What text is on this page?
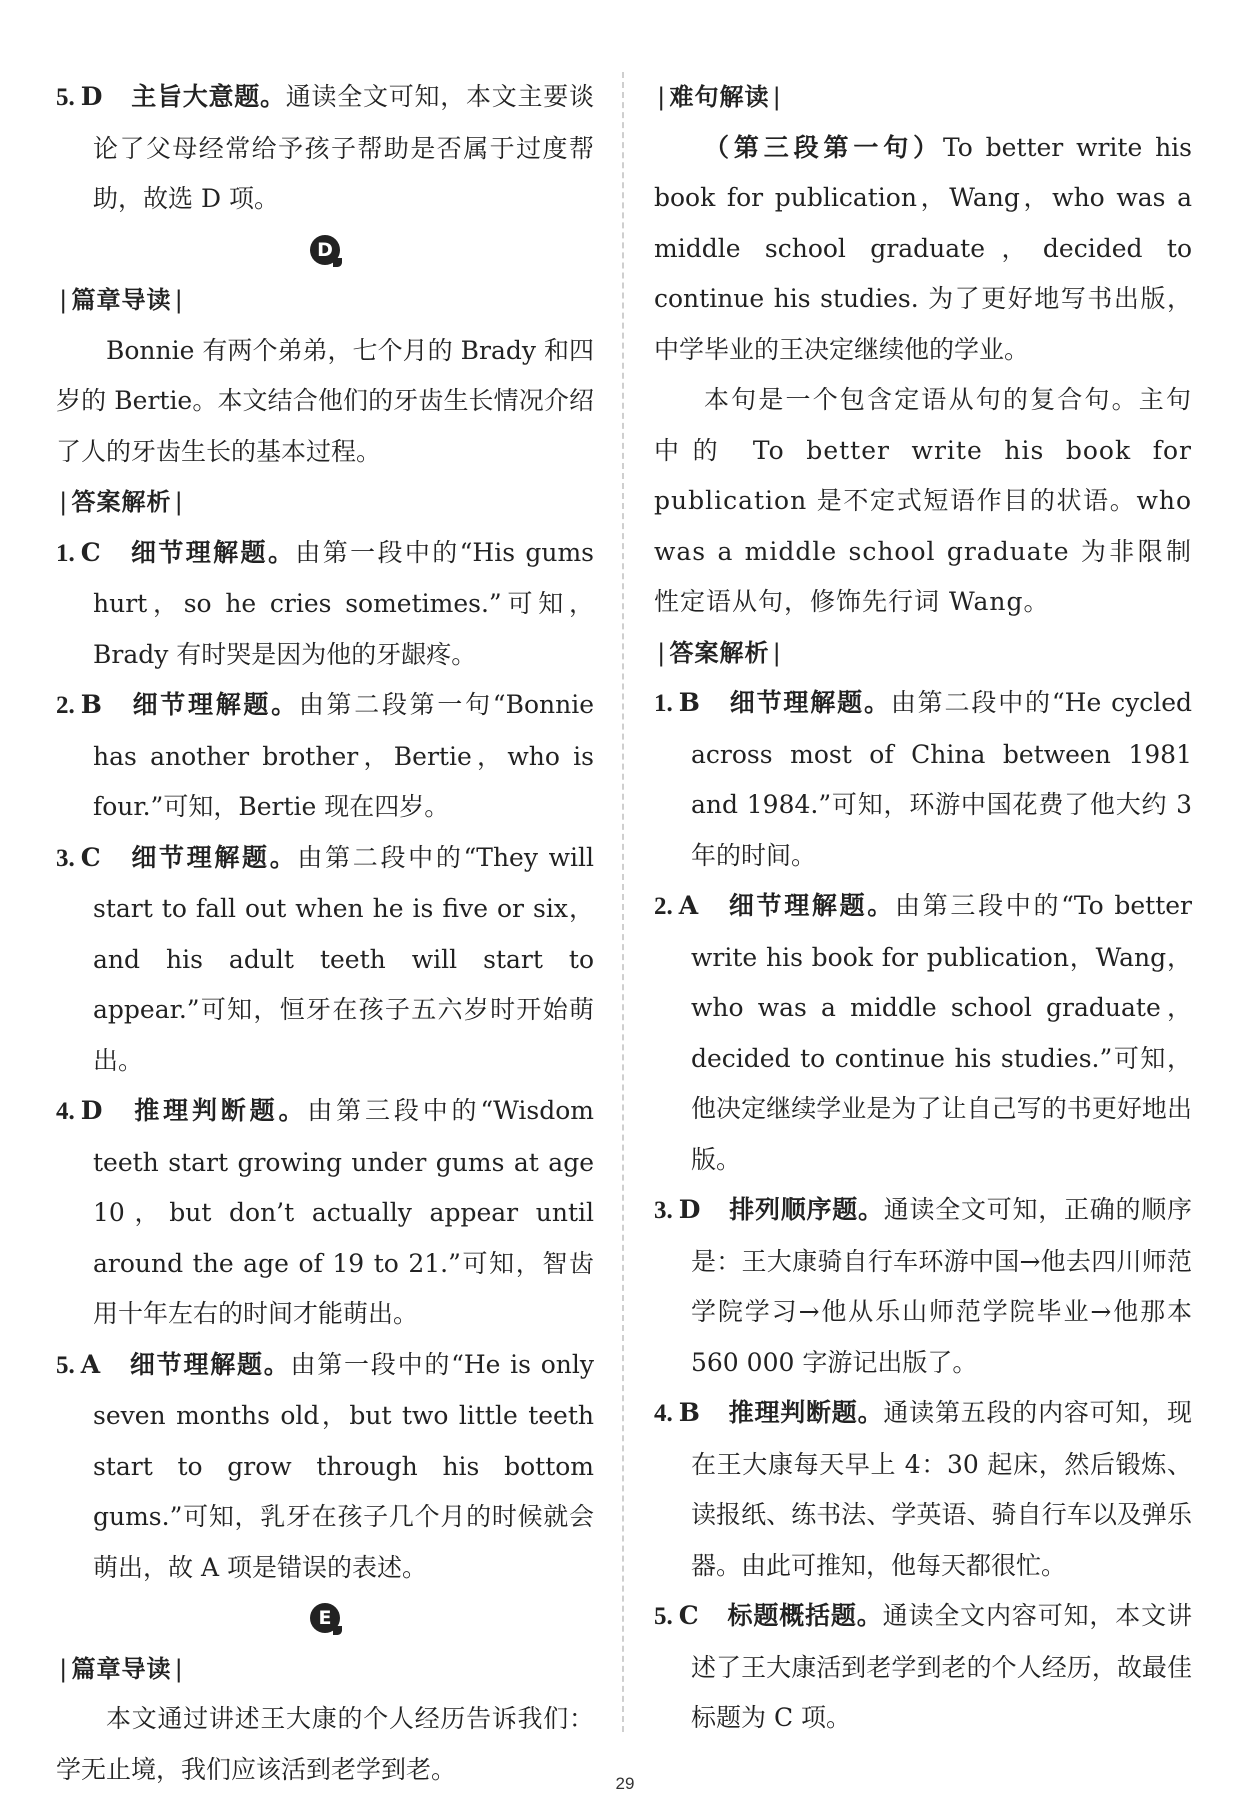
5. D 主旨大意题。通读全文可知，本文主要谈论了父母经常给予孩子帮助是否属于过度帮助，故选 D 项。
D
|篇章导读|
Bonnie 有两个弟弟，七个月的 Brady 和四岁的 Bertie。本文结合他们的牙齿生长情况介绍了人的牙齿生长的基本过程。
|答案解析|
1. C 细节理解题。由第一段中的“His gums hurt，so he cries sometimes.”可知，Brady 有时哭是因为他的牙龈疼。
2. B 细节理解题。由第二段第一句“Bonnie has another brother，Bertie，who is four.”可知，Bertie 现在四岁。
3. C 细节理解题。由第二段中的“They will start to fall out when he is five or six，and his adult teeth will start to appear.”可知，恒牙在孩子五六岁时开始萌出。
4. D 推理判断题。由第三段中的“Wisdom teeth start growing under gums at age 10，but don’t actually appear until around the age of 19 to 21.”可知，智齿用十年左右的时间才能萌出。
5. A 细节理解题。由第一段中的“He is only seven months old，but two little teeth start to grow through his bottom gums.”可知，乳牙在孩子几个月的时候就会萌出，故 A 项是错误的表述。
E
|篇章导读|
本文通过讲述王大康的个人经历告诉我们：学无止境，我们应该活到老学到老。
|难句解读|
（第三段第一句）To better write his book for publication，Wang，who was a middle school graduate，decided to continue his studies. 为了更好地写书出版，中学毕业的王决定继续他的学业。
本句是一个包含定语从句的复合句。主句中的 To better write his book for publication 是不定式短语作目的状语。who was a middle school graduate 为非限制性定语从句，修饰先行词 Wang。
|答案解析|
1. B 细节理解题。由第二段中的“He cycled across most of China between 1981 and 1984.”可知，环游中国花费了他大约 3 年的时间。
2. A 细节理解题。由第三段中的“To better write his book for publication，Wang，who was a middle school graduate，decided to continue his studies.”可知，他决定继续学业是为了让自己写的书更好地出版。
3. D 排列顺序题。通读全文可知，正确的顺序是：王大康骑自行车环游中国→他去四川师范学院学习→他从乐山师范学院毕业→他那本 560 000 字游记出版了。
4. B 推理判断题。通读第五段的内容可知，现在王大康每天早上 4：30 起床，然后锻炼、读报纸、练书法、学英语、骑自行车以及弹乐器。由此可推知，他每天都很忙。
5. C 标题概括题。通读全文内容可知，本文讲述了王大康活到老学到老的个人经历，故最佳标题为 C 项。
29
